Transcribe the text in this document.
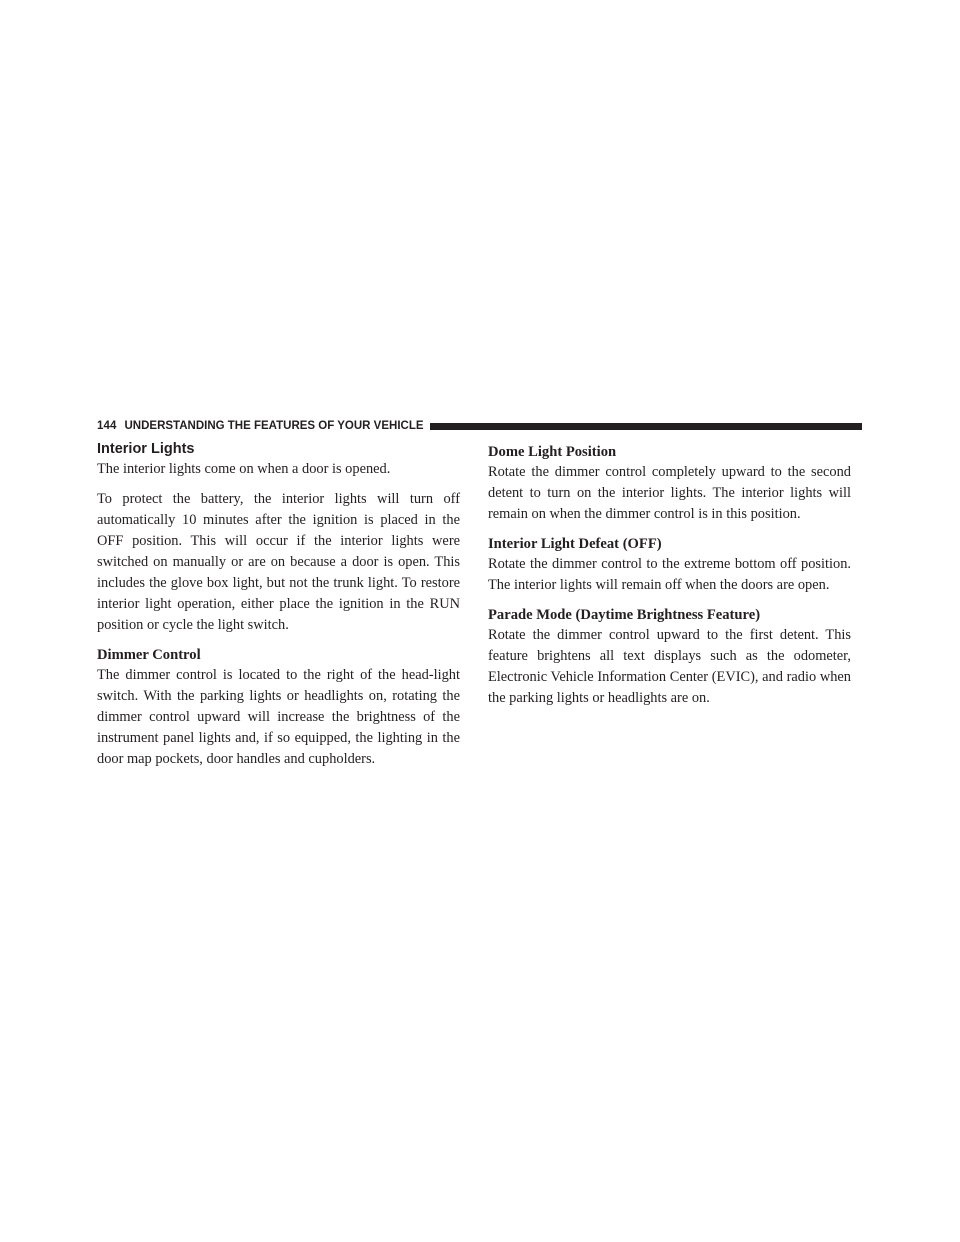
144 UNDERSTANDING THE FEATURES OF YOUR VEHICLE
Interior Lights

The interior lights come on when a door is opened.

To protect the battery, the interior lights will turn off automatically 10 minutes after the ignition is placed in the OFF position. This will occur if the interior lights were switched on manually or are on because a door is open. This includes the glove box light, but not the trunk light. To restore interior light operation, either place the ignition in the RUN position or cycle the light switch.

Dimmer Control

The dimmer control is located to the right of the head-light switch. With the parking lights or headlights on, rotating the dimmer control upward will increase the brightness of the instrument panel lights and, if so equipped, the lighting in the door map pockets, door handles and cupholders.

Dome Light Position

Rotate the dimmer control completely upward to the second detent to turn on the interior lights. The interior lights will remain on when the dimmer control is in this position.

Interior Light Defeat (OFF)

Rotate the dimmer control to the extreme bottom off position. The interior lights will remain off when the doors are open.

Parade Mode (Daytime Brightness Feature)

Rotate the dimmer control upward to the first detent. This feature brightens all text displays such as the odometer, Electronic Vehicle Information Center (EVIC), and radio when the parking lights or headlights are on.
